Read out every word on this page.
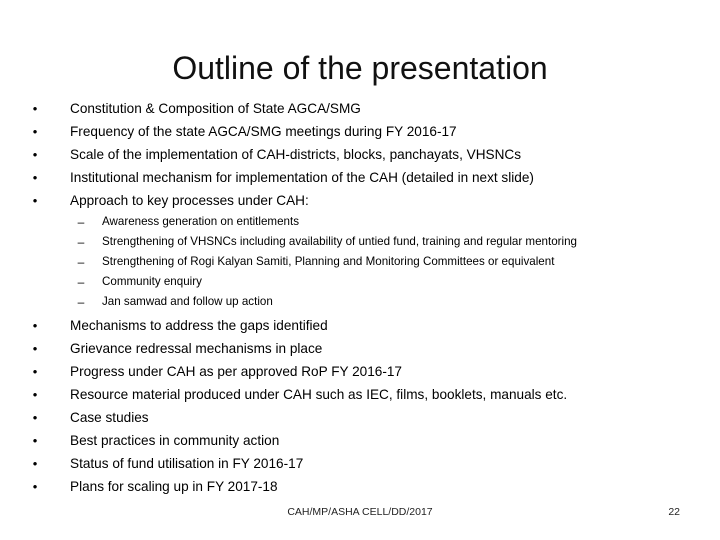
Outline of the presentation
• Constitution & Composition of State AGCA/SMG
• Frequency of the state AGCA/SMG meetings during FY 2016-17
• Scale of the implementation of CAH-districts, blocks, panchayats, VHSNCs
• Institutional mechanism for implementation of the CAH (detailed in next slide)
• Approach to key processes under CAH:
–	Awareness generation on entitlements
–	Strengthening of VHSNCs including availability of untied fund, training and regular mentoring
–	Strengthening of Rogi Kalyan Samiti, Planning and Monitoring Committees or equivalent
–	Community enquiry
–	Jan samwad and follow up action
• Mechanisms to address the gaps identified
• Grievance redressal mechanisms in place
• Progress under CAH as per approved RoP FY 2016-17
• Resource material produced under CAH such as IEC, films, booklets, manuals etc.
• Case studies
• Best practices in community action
• Status of fund utilisation in FY 2016-17
• Plans for scaling up in FY 2017-18
CAH/MP/ASHA CELL/DD/2017	22
